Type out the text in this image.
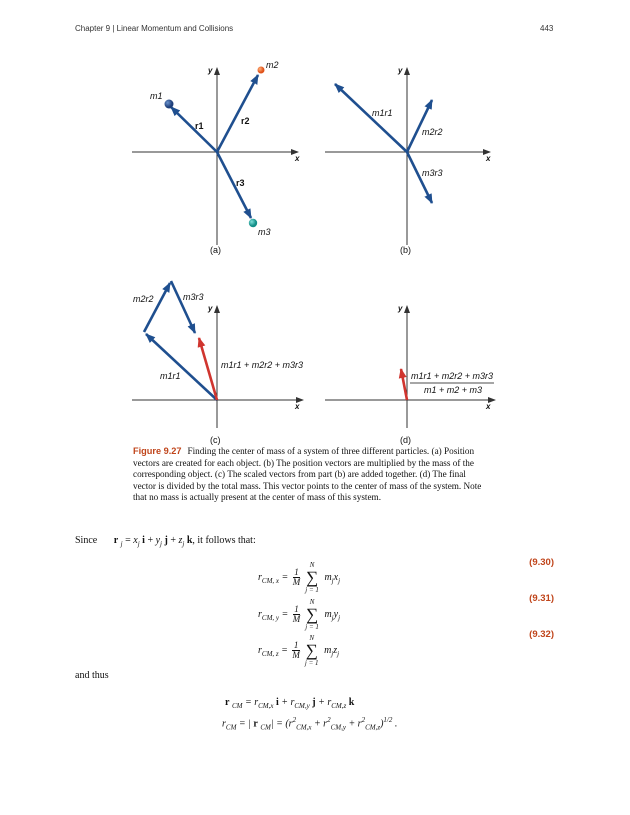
Chapter 9 | Linear Momentum and Collisions	443
x
y
m1
m2
m3
r1	r2
r3
(a)
x
y
m1r1
m2r2
m3r3
(b)
x
y
m1r1
m2r2	m3r3
m1r1 + m2r2 + m3r3
(c)
x
y
m1r1 + m2r2 + m3r3
m1 + m2 + m3
(d)
Figure 9.27 Finding the center of mass of a system of three different particles. (a) Position vectors are created for each object. (b) The position vectors are multiplied by the mass of the corresponding object. (c) The scaled vectors from part (b) are added together. (d) The final vector is divided by the total mass. This vector points to the center of mass of the system. Note that no mass is actually present at the center of mass of this system.
Since r $_j = x_j$ $i + y_j$ $j + z_j$ k, it follows that:
$r_{CM, x} = \frac{1}{M}$
N
∑
j = 1
$m_jx_j$
(9.30)
$r_{CM, y} = \frac{1}{M}$
N
∑
j = 1
$m_jy_j$
(9.31)
$r_{CM, z} = \frac{1}{M}$
N
∑
j = 1
$m_jz_j$
(9.32)
and thus
r $_{CM} = r_{CM,x}$ $i + r_{CM,y}$ $j + r_{CM,z}$ k
$r_{CM}$ = | r $_{CM}| = (r^2_{CM,x} + r^2_{CM,y} + r^2_{CM,z})^{1/2}$ .
